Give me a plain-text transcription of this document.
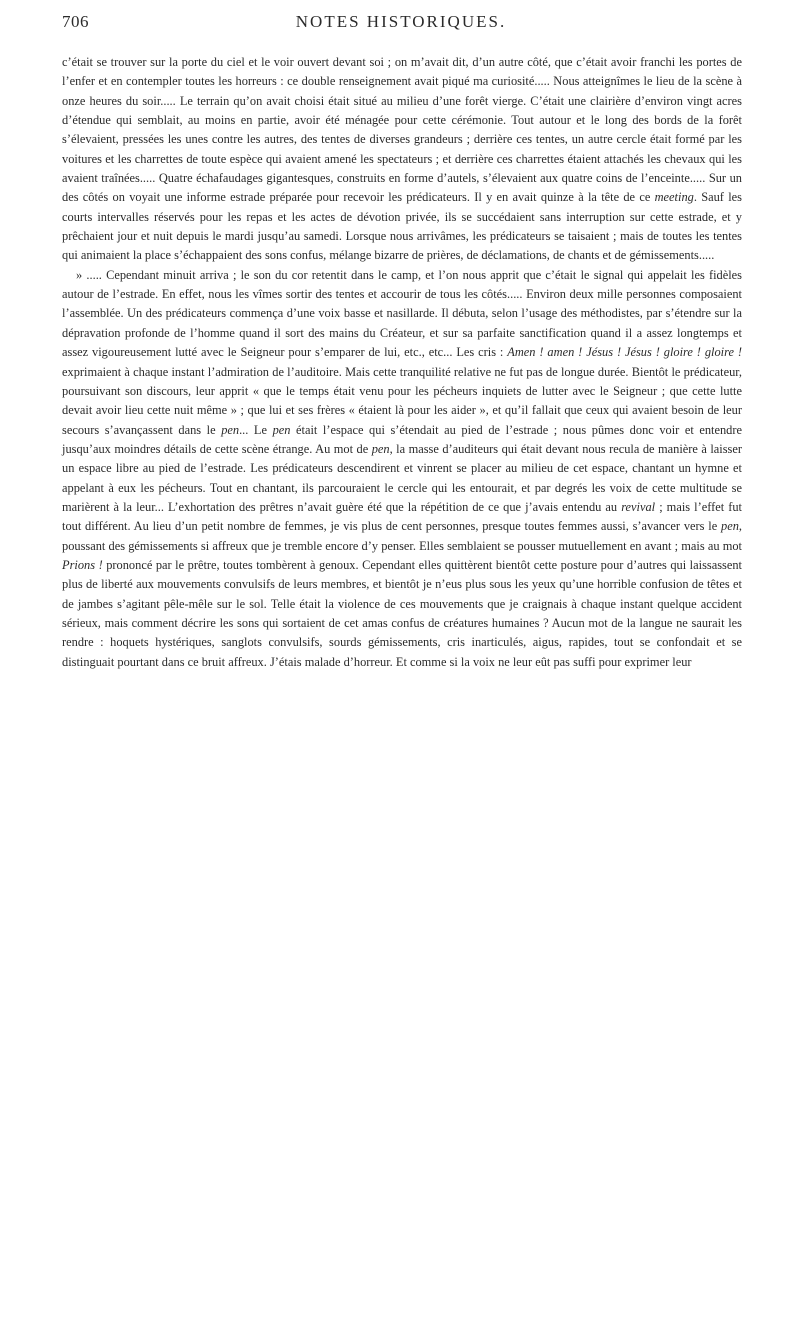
706	NOTES HISTORIQUES.

c’était se trouver sur la porte du ciel et le voir ouvert devant soi ; on m’avait dit, d’un autre côté, que c’était avoir franchi les portes de l’enfer et en contempler toutes les horreurs : ce double renseignement avait piqué ma curiosité..... Nous atteignîmes le lieu de la scène à onze heures du soir..... Le terrain qu’on avait choisi était situé au milieu d’une forêt vierge. C’était une clairière d’environ vingt acres d’étendue qui semblait, au moins en partie, avoir été ménagée pour cette cérémonie. Tout autour et le long des bords de la forêt s’élevaient, pressées les unes contre les autres, des tentes de diverses grandeurs ; derrière ces tentes, un autre cercle était formé par les voitures et les charrettes de toute espèce qui avaient amené les spectateurs ; et derrière ces charrettes étaient attachés les chevaux qui les avaient traînées..... Quatre échafaudages gigantesques, construits en forme d’autels, s’élevaient aux quatre coins de l’enceinte..... Sur un des côtés on voyait une informe estrade préparée pour recevoir les prédicateurs. Il y en avait quinze à la tête de ce meeting. Sauf les courts intervalles réservés pour les repas et les actes de dévotion privée, ils se succédaient sans interruption sur cette estrade, et y prêchaient jour et nuit depuis le mardi jusqu’au samedi. Lorsque nous arrivâmes, les prédicateurs se taisaient ; mais de toutes les tentes qui animaient la place s’échappaient des sons confus, mélange bizarre de prières, de déclamations, de chants et de gémissements.....

» ..... Cependant minuit arriva ; le son du cor retentit dans le camp, et l’on nous apprit que c’était le signal qui appelait les fidèles autour de l’estrade. En effet, nous les vîmes sortir des tentes et accourir de tous les côtés..... Environ deux mille personnes composaient l’assemblée. Un des prédicateurs commença d’une voix basse et nasillarde. Il débuta, selon l’usage des méthodistes, par s’étendre sur la dépravation profonde de l’homme quand il sort des mains du Créateur, et sur sa parfaite sanctification quand il a assez longtemps et assez vigoureusement lutté avec le Seigneur pour s’emparer de lui, etc., etc... Les cris : Amen ! amen ! Jésus ! Jésus ! gloire ! gloire ! exprimaient à chaque instant l’admiration de l’auditoire. Mais cette tranquilité relative ne fut pas de longue durée. Bientôt le prédicateur, poursuivant son discours, leur apprit « que le temps était venu pour les pécheurs inquiets de lutter avec le Seigneur ; que cette lutte devait avoir lieu cette nuit même » ; que lui et ses frères « étaient là pour les aider », et qu’il fallait que ceux qui avaient besoin de leur secours s’avançassent dans le pen... Le pen était l’espace qui s’étendait au pied de l’estrade ; nous pûmes donc voir et entendre jusqu’aux moindres détails de cette scène étrange. Au mot de pen, la masse d’auditeurs qui était devant nous recula de manière à laisser un espace libre au pied de l’estrade. Les prédicateurs descendirent et vinrent se placer au milieu de cet espace, chantant un hymne et appelant à eux les pécheurs. Tout en chantant, ils parcouraient le cercle qui les entourait, et par degrés les voix de cette multitude se marièrent à la leur... L’exhortation des prêtres n’avait guère été que la répétition de ce que j’avais entendu au revival ; mais l’effet fut tout différent. Au lieu d’un petit nombre de femmes, je vis plus de cent personnes, presque toutes femmes aussi, s’avancer vers le pen, poussant des gémissements si affreux que je tremble encore d’y penser. Elles semblaient se pousser mutuellement en avant ; mais au mot Prions ! prononcé par le prêtre, toutes tombèrent à genoux. Cependant elles quittèrent bientôt cette posture pour d’autres qui laissassent plus de liberté aux mouvements convulsifs de leurs membres, et bientôt je n’eus plus sous les yeux qu’une horrible confusion de têtes et de jambes s’agitant pêle-mêle sur le sol. Telle était la violence de ces mouvements que je craignais à chaque instant quelque accident sérieux, mais comment décrire les sons qui sortaient de cet amas confus de créatures humaines ? Aucun mot de la langue ne saurait les rendre : hoquets hystériques, sanglots convulsifs, sourds gémissements, cris inarticulés, aigus, rapides, tout se confondait et se distinguait pourtant dans ce bruit affreux. J’étais malade d’horreur. Et comme si la voix ne leur eût pas suffi pour exprimer leur
